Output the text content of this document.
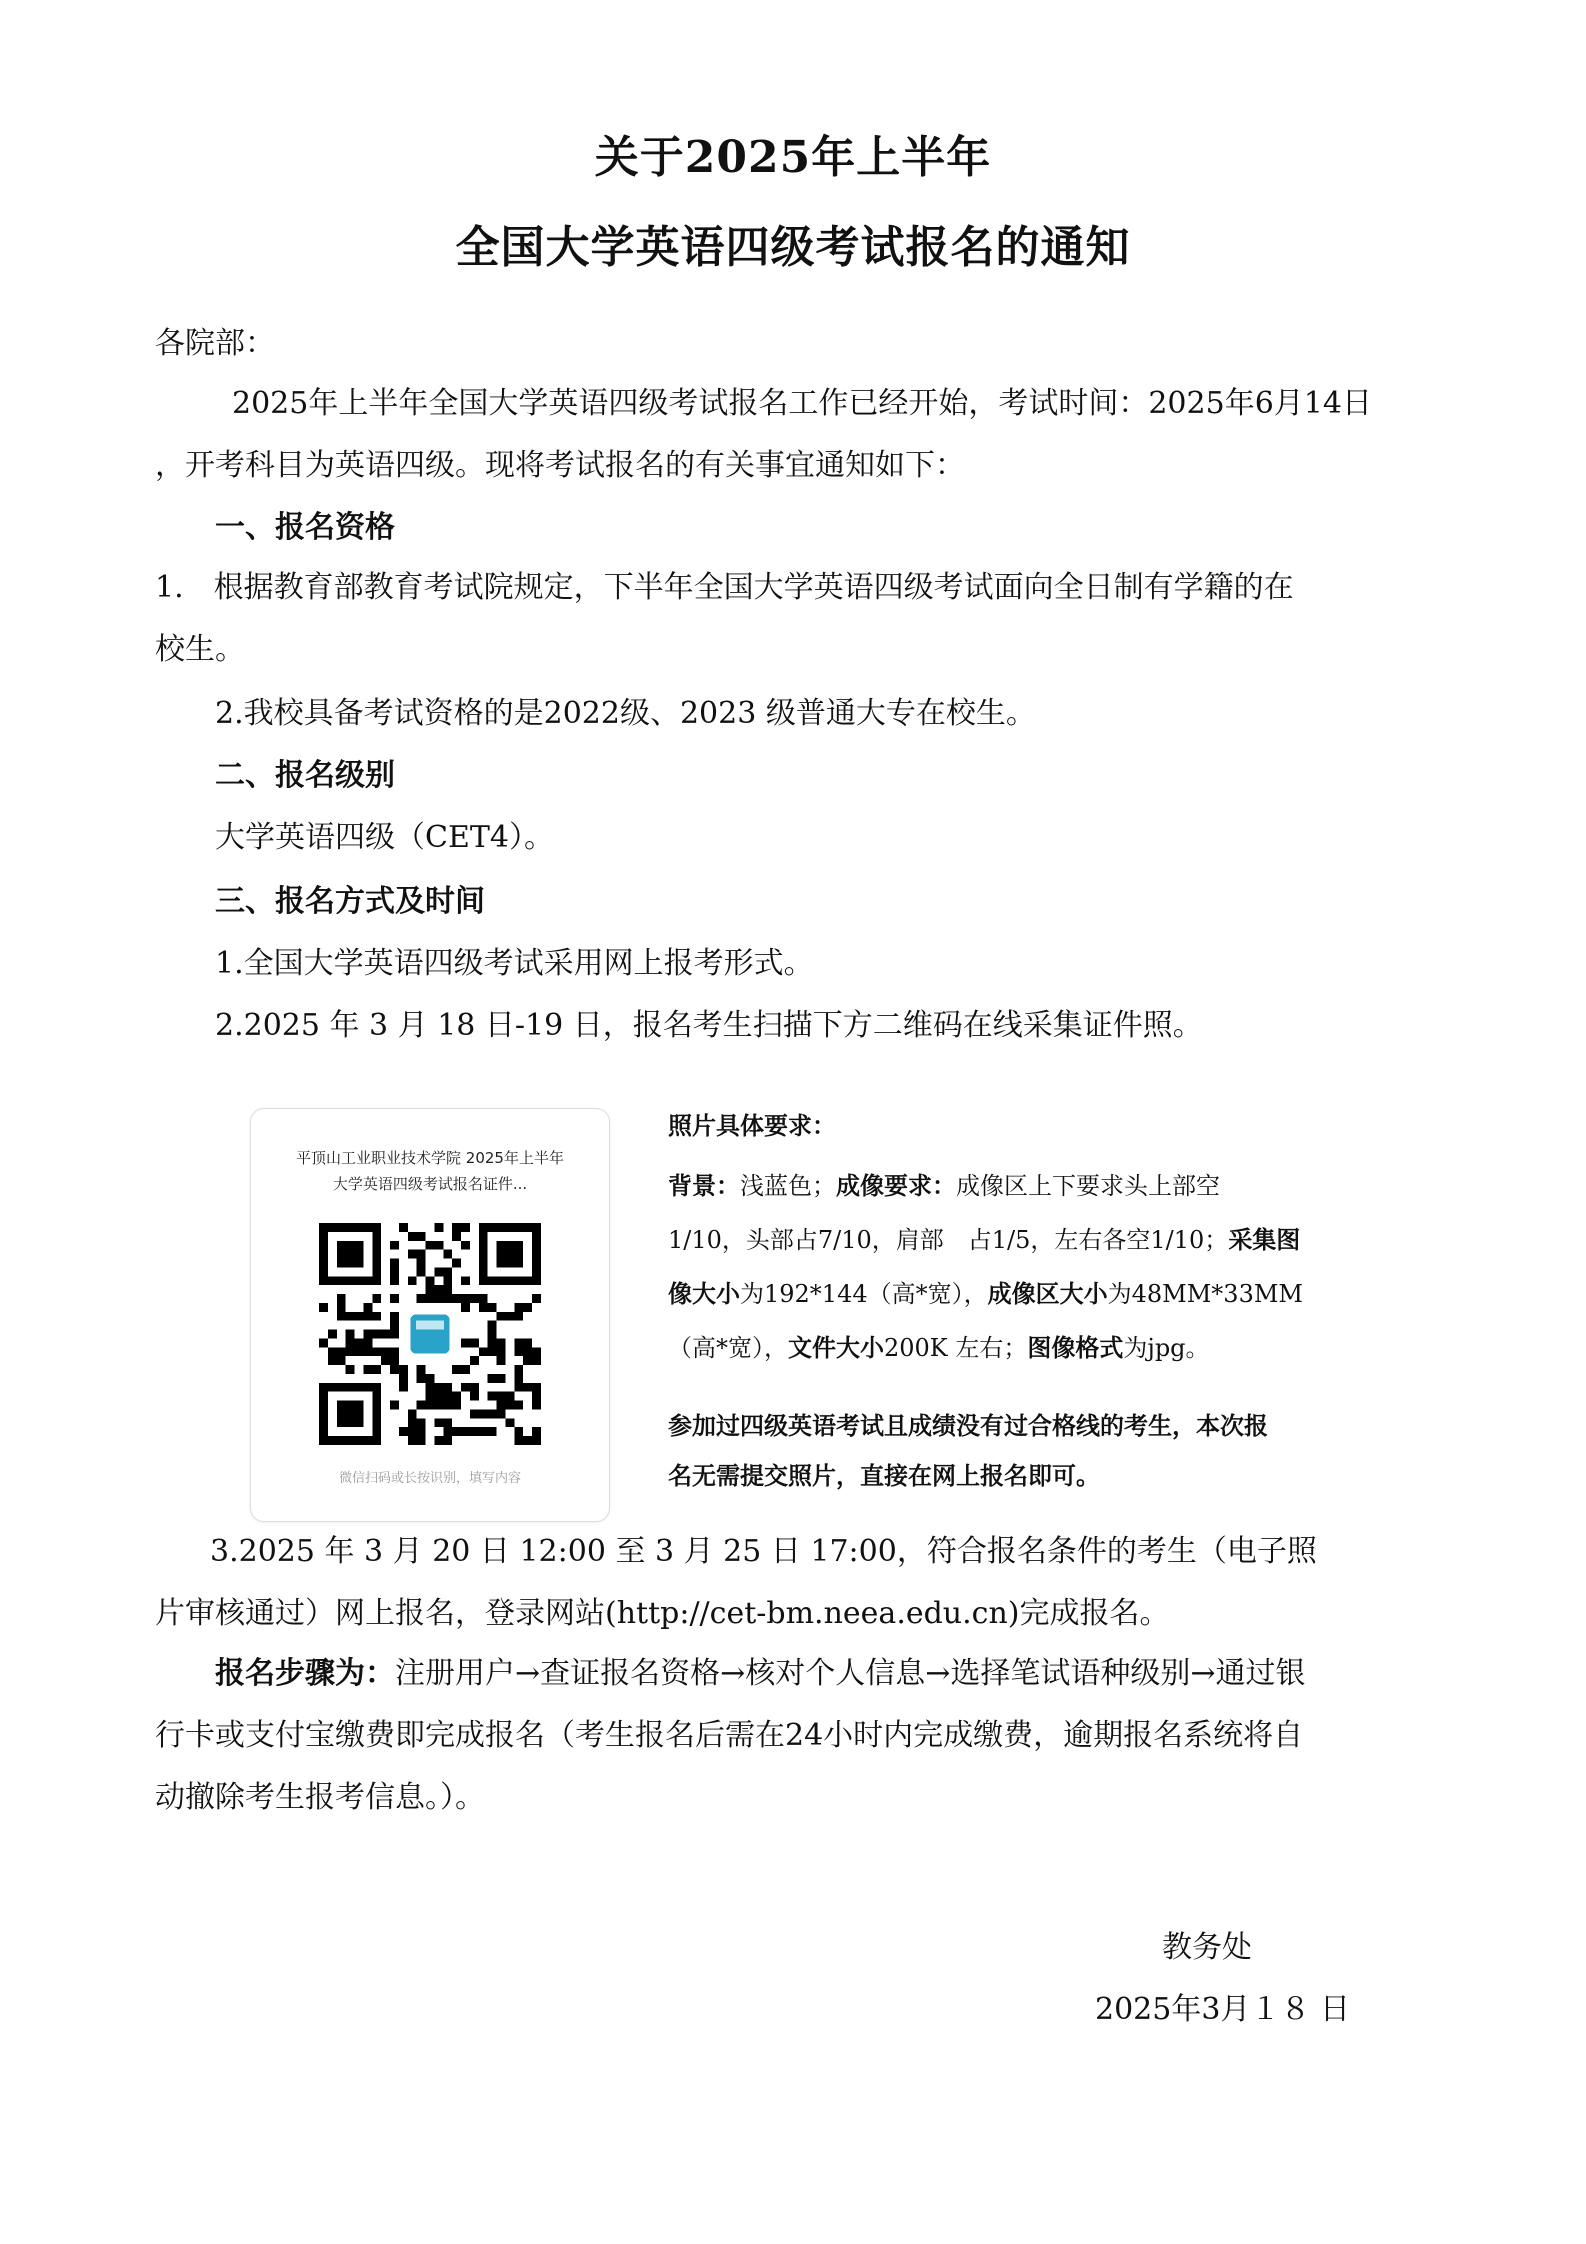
关于2025年上半年
全国大学英语四级考试报名的通知
各院部：
2025年上半年全国大学英语四级考试报名工作已经开始，考试时间：2025年6月14日
，开考科目为英语四级。现将考试报名的有关事宜通知如下：
一、报名资格
1.　根据教育部教育考试院规定，下半年全国大学英语四级考试面向全日制有学籍的在
校生。
2.我校具备考试资格的是2022级、2023 级普通大专在校生。
二、报名级别
大学英语四级（CET4）。
三、报名方式及时间
1.全国大学英语四级考试采用网上报考形式。
2.2025 年 3 月 18 日-19 日，报名考生扫描下方二维码在线采集证件照。
平顶山工业职业技术学院 2025年上半年
大学英语四级考试报名证件...
微信扫码或长按识别，填写内容
照片具体要求：
背景：浅蓝色；成像要求：成像区上下要求头上部空
1/10，头部占7/10，肩部　占1/5，左右各空1/10；采集图
像大小为192*144（高*宽），成像区大小为48MM*33MM
（高*宽），文件大小200K 左右；图像格式为jpg。
参加过四级英语考试且成绩没有过合格线的考生，本次报
名无需提交照片，直接在网上报名即可。
3.2025 年 3 月 20 日 12:00 至 3 月 25 日 17:00，符合报名条件的考生（电子照
片审核通过）网上报名，登录网站(http://cet-bm.neea.edu.cn)完成报名。
报名步骤为：注册用户→查证报名资格→核对个人信息→选择笔试语种级别→通过银
行卡或支付宝缴费即完成报名（考生报名后需在24小时内完成缴费，逾期报名系统将自
动撤除考生报考信息。）。
教务处
2025年3月１８ 日
